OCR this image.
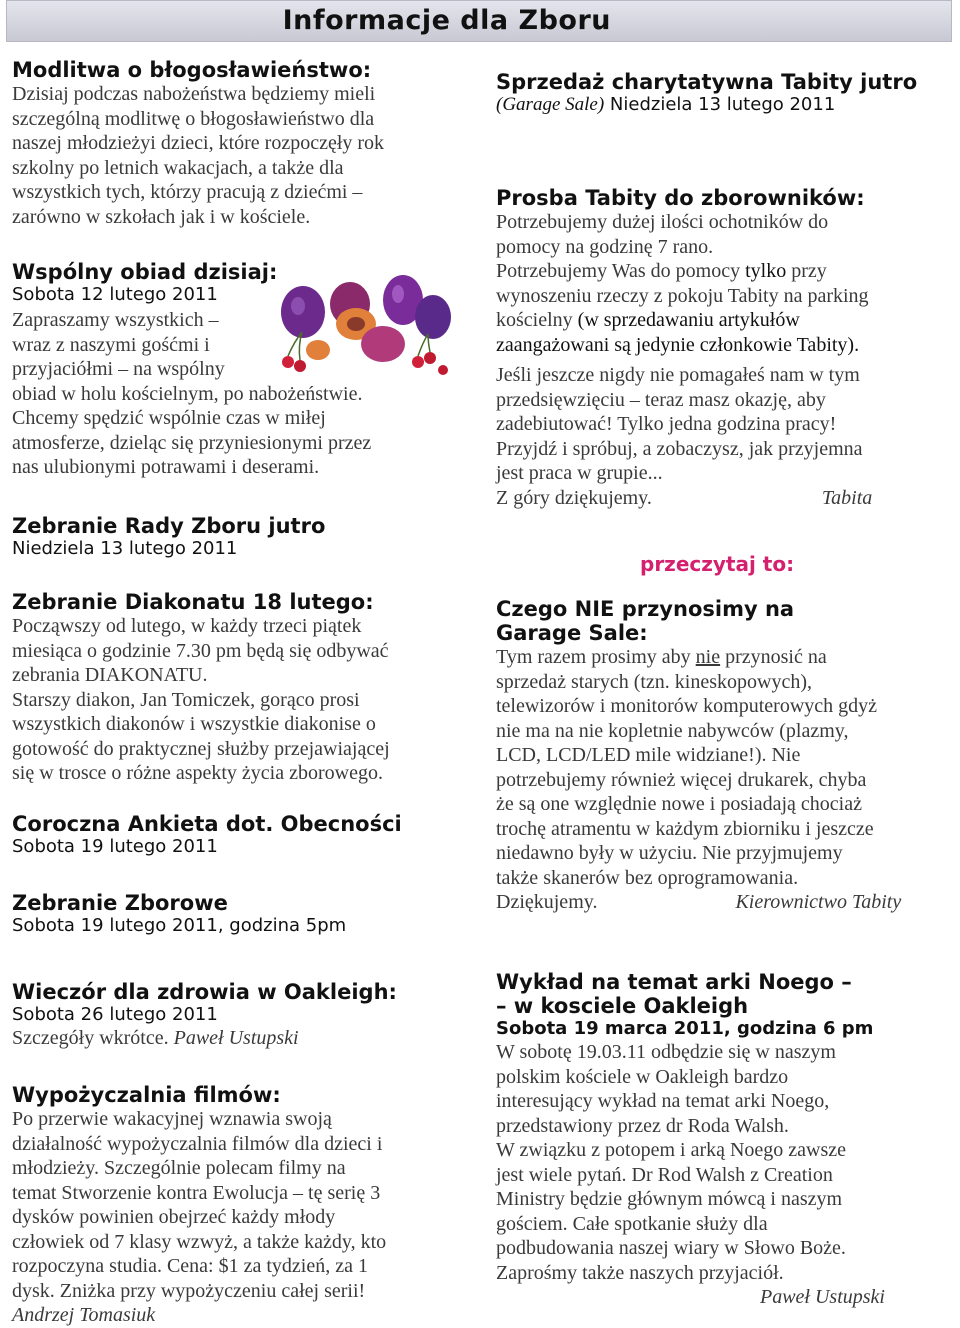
Informacje dla Zboru

Modlitwa o błogosławieństwo:

Dzisiaj podczas nabożeństwa będziemy mieli

szczególną modlitwę o błogosławieństwo dla

naszej młodzieżyi dzieci, które rozpoczęły rok

szkolny po letnich wakacjach, a także dla

wszystkich tych, którzy pracują z dziećmi –

zarówno w szkołach jak i w kościele.

Wspólny obiad dzisiaj:

Sobota 12 lutego 2011

Zapraszamy wszystkich –

wraz z naszymi gośćmi i

przyjaciółmi – na wspólny

obiad w holu kościelnym, po nabożeństwie.

Chcemy spędzić wspólnie czas w miłej

atmosferze, dzieląc się przyniesionymi przez

nas ulubionymi potrawami i deserami.

Zebranie Rady Zboru jutro

Niedziela 13 lutego 2011

Zebranie Diakonatu 18 lutego:

Począwszy od lutego, w każdy trzeci piątek

miesiąca o godzinie 7.30 pm będą się odbywać

zebrania DIAKONATU.

Starszy diakon, Jan Tomiczek, gorąco prosi

wszystkich diakonów i wszystkie diakonise o

gotowość do praktycznej służby przejawiającej

się w trosce o różne aspekty życia zborowego.

Coroczna Ankieta dot. Obecności

Sobota 19 lutego 2011

Zebranie Zborowe

Sobota 19 lutego 2011, godzina 5pm

Wieczór dla zdrowia w Oakleigh:

Sobota 26 lutego 2011

Szczegóły wkrótce. Paweł Ustupski

Wypożyczalnia filmów:

Po przerwie wakacyjnej wznawia swoją

działalność wypożyczalnia filmów dla dzieci i

młodzieży. Szczególnie polecam filmy na

temat Stworzenie kontra Ewolucja – tę serię 3

dysków powinien obejrzeć każdy młody

człowiek od 7 klasy wzwyż, a także każdy, kto

rozpoczyna studia. Cena: $1 za tydzień, za 1

dysk. Zniżka przy wypożyczeniu całej serii!

Andrzej Tomasiuk

Sprzedaż charytatywna Tabity jutro

(Garage Sale) Niedziela 13 lutego 2011

Prosba Tabity do zborowników:

Potrzebujemy dużej ilości ochotników do

pomocy na godzinę 7 rano.

Potrzebujemy Was do pomocy tylko przy

wynoszeniu rzeczy z pokoju Tabity na parking

kościelny (w sprzedawaniu artykułów

zaangażowani są jedynie członkowie Tabity).

Jeśli jeszcze nigdy nie pomagałeś nam w tym

przedsięwzięciu – teraz masz okazję, aby

zadebiutować! Tylko jedna godzina pracy!

Przyjdź i spróbuj, a zobaczysz, jak przyjemna

jest praca w grupie...

Z góry dziękujemy.	Tabita

przeczytaj to:

Czego NIE przynosimy na

Garage Sale:

Tym razem prosimy aby nie przynosić na

sprzedaż starych (tzn. kineskopowych),

telewizorów i monitorów komputerowych gdyż

nie ma na nie kopletnie nabywców (plazmy,

LCD, LCD/LED mile widziane!). Nie

potrzebujemy również więcej drukarek, chyba

że są one względnie nowe i posiadają chociaż

trochę atramentu w każdym zbiorniku i jeszcze

niedawno były w użyciu. Nie przyjmujemy

także skanerów bez oprogramowania.

Dziękujemy.	Kierownictwo Tabity

Wykład na temat arki Noego –

– w kosciele Oakleigh

Sobota 19 marca 2011, godzina 6 pm

W sobotę 19.03.11 odbędzie się w naszym

polskim kościele w Oakleigh bardzo

interesujący wykład na temat arki Noego,

przedstawiony przez dr Roda Walsh.

W związku z potopem i arką Noego zawsze

jest wiele pytań. Dr Rod Walsh z Creation

Ministry będzie głównym mówcą i naszym

gościem. Całe spotkanie służy dla

podbudowania naszej wiary w Słowo Boże.

Zaprośmy także naszych przyjaciół.

Paweł Ustupski
